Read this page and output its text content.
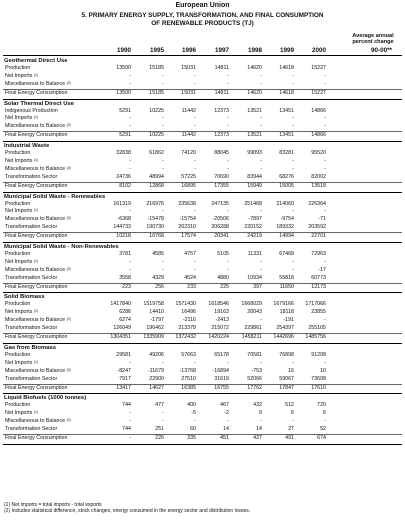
European Union
5. PRIMARY ENERGY SUPPLY, TRANSFORMATION, AND FINAL CONSUMPTION
OF RENEWABLE PRODUCTS (TJ)
Average annual percent change
1990	1995	1996	1997	1998	1999	2000	90-00**
Geothermal Direct Use
Production	13500	15185	15031	14811	14620	14618	15227
Net Imports $^{(1)}$	-	-	-	-	-	-	-
Miscellaneous to Balance $^{(2)}$	-	-	-	-	-	-	-
Final Energy Consumption	13500	15185	15031	14811	14620	14618	15227
Solar Thermal Direct Use
Indigenous Production	5291	10225	11442	12373	13521	13451	14866
Net Imports $^{(1)}$	-	-	-	-	-	-	-
Miscellaneous to Balance $^{(2)}$	-	-	-	-	-	-	-
Final Energy Consumption	5291	10225	11442	12373	13521	13451	14866
Industrial Waste
Production	32838	61862	74120	88045	99893	83281	95520
Net Imports $^{(1)}$	-	-	-	-	-	-	-
Miscellaneous to Balance $^{(2)}$	-	-	-	-	-	-	-
Transformation Sector	24736	48994	57225	70690	83944	68276	82002
Final Energy Consumption	8102	12868	16895	17355	15949	15005	13518
Municipal Solid Waste - Renewables
Production	161319	216976	235638	247135	251468	214060	226364
Net Imports $^{(1)}$	-	-	-	-	-	-	-
Miscellaneous to Balance $^{(2)}$	-6368	-15478	-15754	-20506	-7897	-9754	-71
Transformation Sector	144733	190730	202310	206288	220152	189332	203592
Final Energy Consumption	10218	10768	17574	20341	24219	14994	22701
Municipal Solid Waste - Non-Renewables
Production	3781	4585	4757	5105	11331	67468	72963
Net Imports $^{(1)}$	-	-	-	-	-	-	-
Miscellaneous to Balance $^{(2)}$	-	-	-	-	-	-	-17
Transformation Sector	3558	4329	4524	4880	10934	55818	60773
Final Energy Consumption	223	256	233	225	397	11650	12173
Solid Biomass
Production	1417840	1519758	1571430	1618546	1668029	1679166	1717066
Net Imports $^{(1)}$	6286	14410	16496	19163	20043	18118	23855
Miscellaneous to Balance $^{(2)}$	6274	-1797	-2116	-2413	-	-191	-
Transformation Sector	126049	196462	213378	215072	229861	254397	255105
Final Energy Consumption	1304351	1335909	1372432	1420224	1458211	1442696	1485756
Gas from Biomass
Production	29581	49206	57663	65178	70581	76898	91208
Net Imports $^{(1)}$	-	-	-	-	-	-	-
Miscellaneous to Balance $^{(2)}$	-8247	-11679	-13768	-16894	-753	16	10
Transformation Sector	7917	22900	27510	31619	52066	59067	73608
Final Energy Consumption	13417	14627	16385	16755	17762	17847	17610
Liquid Biofuels (1000 tonnes)
Production	744	477	400	467	432	512	720
Net Imports $^{(1)}$	-	-	-5	-2	9	6	6
Miscellaneous to Balance $^{(2)}$	-	-	-	-	-	-	-
Transformation Sector	744	251	60	14	14	27	52
Final Energy Consumption	-	226	335	451	427	491	674
(1) Net imports = total imports - total exports
(2) Includes statistical difference, stock changes, energy consumed in the energy sector and distribution losses.
